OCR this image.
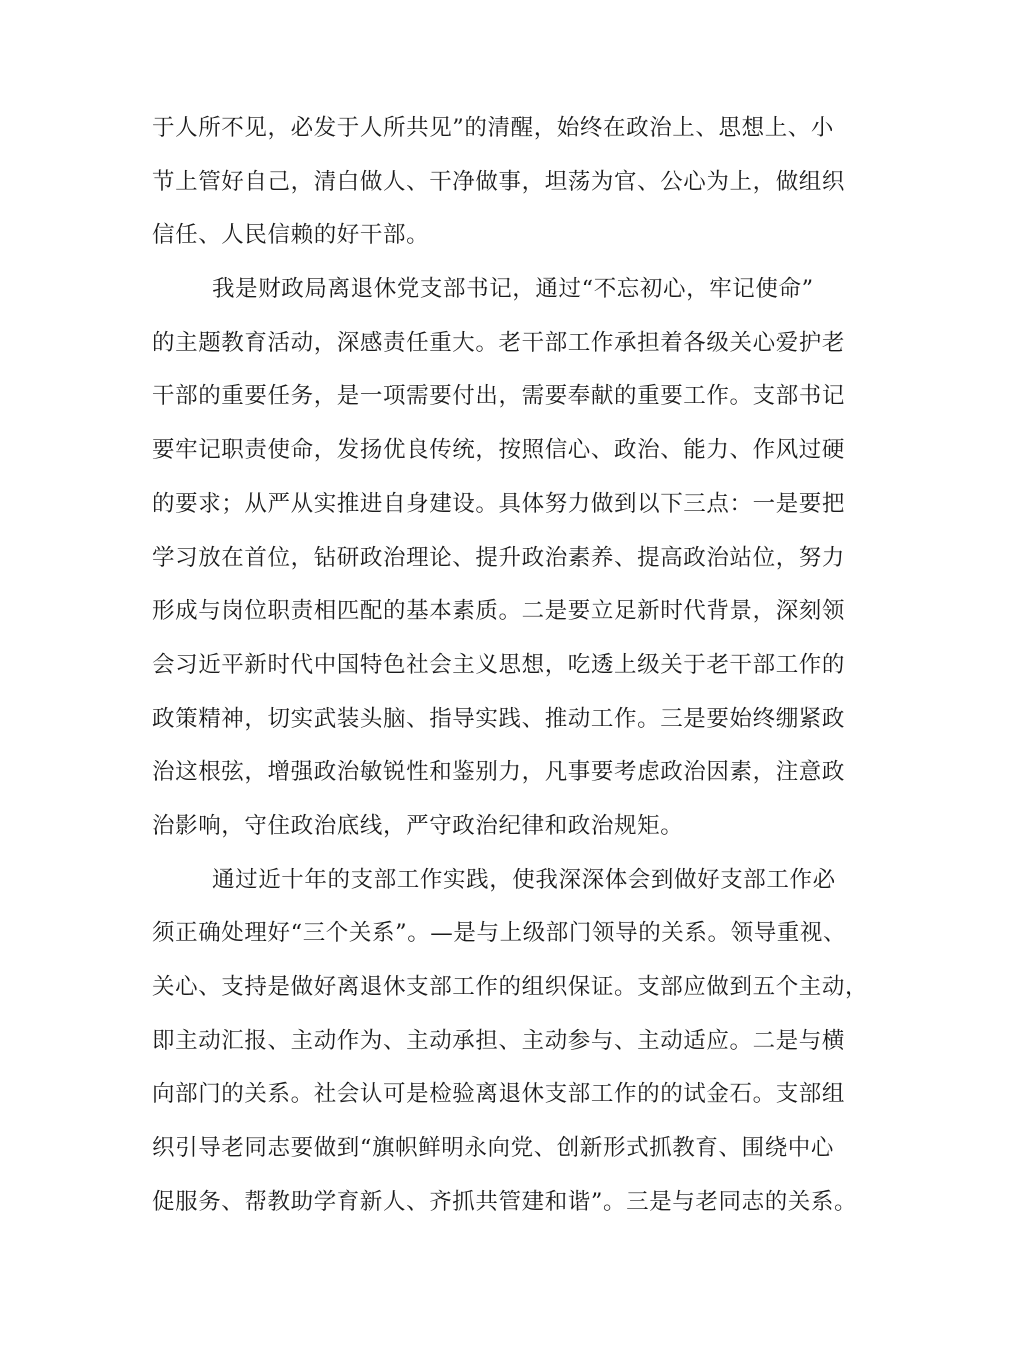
于人所不见，必发于人所共见”的清醒，始终在政治上、思想上、小
节上管好自己，清白做人、干净做事，坦荡为官、公心为上，做组织
信任、人民信赖的好干部。
我是财政局离退休党支部书记，通过“不忘初心，牢记使命”
的主题教育活动，深感责任重大。老干部工作承担着各级关心爱护老
干部的重要任务，是一项需要付出，需要奉献的重要工作。支部书记
要牢记职责使命，发扬优良传统，按照信心、政治、能力、作风过硬
的要求；从严从实推进自身建设。具体努力做到以下三点：一是要把
学习放在首位，钻研政治理论、提升政治素养、提高政治站位，努力
形成与岗位职责相匹配的基本素质。二是要立足新时代背景，深刻领
会习近平新时代中国特色社会主义思想，吃透上级关于老干部工作的
政策精神，切实武装头脑、指导实践、推动工作。三是要始终绷紧政
治这根弦，增强政治敏锐性和鉴别力，凡事要考虑政治因素，注意政
治影响，守住政治底线，严守政治纪律和政治规矩。
通过近十年的支部工作实践，使我深深体会到做好支部工作必
须正确处理好“三个关系”。—是与上级部门领导的关系。领导重视、
关心、支持是做好离退休支部工作的组织保证。支部应做到五个主动，
即主动汇报、主动作为、主动承担、主动参与、主动适应。二是与横
向部门的关系。社会认可是检验离退休支部工作的的试金石。支部组
织引导老同志要做到“旗帜鲜明永向党、创新形式抓教育、围绕中心
促服务、帮教助学育新人、齐抓共管建和谐”。三是与老同志的关系。
